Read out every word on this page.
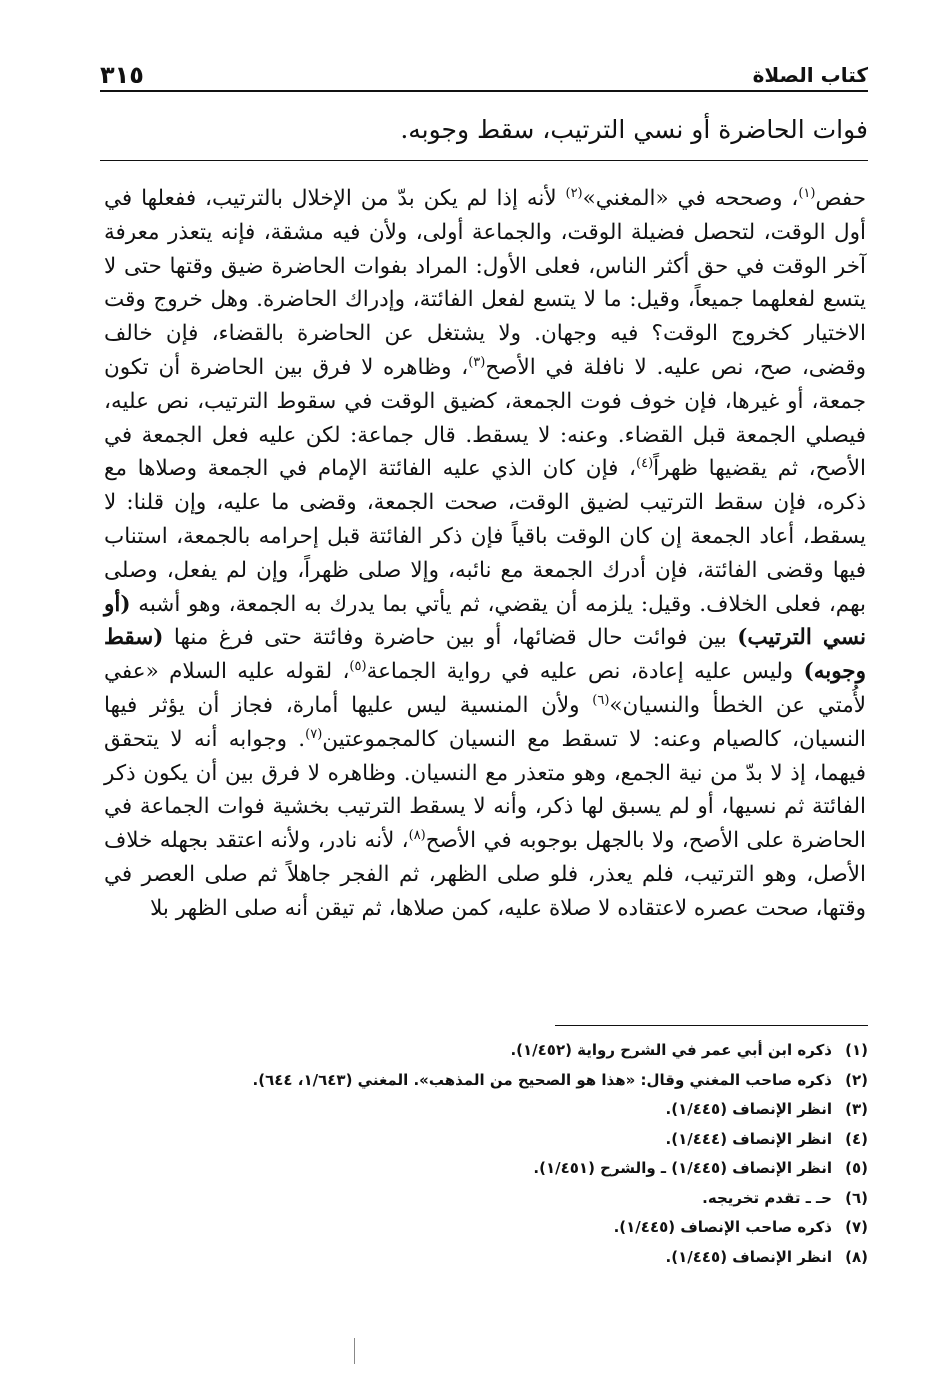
كتاب الصلاة
٣١٥
فوات الحاضرة أو نسي الترتيب، سقط وجوبه.

حفص$^{(١)}$، وصححه في «المغني»$^{(٢)}$ لأنه إذا لم يكن بدّ من الإخلال بالترتيب، ففعلها في أول الوقت، لتحصل فضيلة الوقت، والجماعة أولى، ولأن فيه مشقة، فإنه يتعذر معرفة آخر الوقت في حق أكثر الناس، فعلى الأول: المراد بفوات الحاضرة ضيق وقتها حتى لا يتسع لفعلهما جميعاً، وقيل: ما لا يتسع لفعل الفائتة، وإدراك الحاضرة. وهل خروج وقت الاختيار كخروج الوقت؟ فيه وجهان. ولا يشتغل عن الحاضرة بالقضاء، فإن خالف وقضى، صح، نص عليه. لا نافلة في الأصح$^{(٣)}$، وظاهره لا فرق بين الحاضرة أن تكون جمعة، أو غيرها، فإن خوف فوت الجمعة، كضيق الوقت في سقوط الترتيب، نص عليه، فيصلي الجمعة قبل القضاء. وعنه: لا يسقط. قال جماعة: لكن عليه فعل الجمعة في الأصح، ثم يقضيها ظهراً$^{(٤)}$، فإن كان الذي عليه الفائتة الإمام في الجمعة وصلاها مع ذكره، فإن سقط الترتيب لضيق الوقت، صحت الجمعة، وقضى ما عليه، وإن قلنا: لا يسقط، أعاد الجمعة إن كان الوقت باقياً فإن ذكر الفائتة قبل إحرامه بالجمعة، استناب فيها وقضى الفائتة، فإن أدرك الجمعة مع نائبه، وإلا صلى ظهراً، وإن لم يفعل، وصلى بهم، فعلى الخلاف. وقيل: يلزمه أن يقضي، ثم يأتي بما يدرك به الجمعة، وهو أشبه (أو نسي الترتيب) بين فوائت حال قضائها، أو بين حاضرة وفائتة حتى فرغ منها (سقط وجوبه) وليس عليه إعادة، نص عليه في رواية الجماعة$^{(٥)}$، لقوله عليه السلام «عفي لأُمتي عن الخطأ والنسيان»$^{(٦)}$ ولأن المنسية ليس عليها أمارة، فجاز أن يؤثر فيها النسيان، كالصيام وعنه: لا تسقط مع النسيان كالمجموعتين$^{(٧)}$. وجوابه أنه لا يتحقق فيهما، إذ لا بدّ من نية الجمع، وهو متعذر مع النسيان. وظاهره لا فرق بين أن يكون ذكر الفائتة ثم نسيها، أو لم يسبق لها ذكر، وأنه لا يسقط الترتيب بخشية فوات الجماعة في الحاضرة على الأصح، ولا بالجهل بوجوبه في الأصح$^{(٨)}$، لأنه نادر، ولأنه اعتقد بجهله خلاف الأصل، وهو الترتيب، فلم يعذر، فلو صلى الظهر، ثم الفجر جاهلاً ثم صلى العصر في وقتها، صحت عصره لاعتقاده لا صلاة عليه، كمن صلاها، ثم تيقن أنه صلى الظهر بلا

(١)ذكره ابن أبي عمر في الشرح رواية (١/٤٥٢).
(٢)ذكره صاحب المغني وقال: «هذا هو الصحيح من المذهب». المغني (١/٦٤٣، ٦٤٤).
(٣)انظر الإنصاف (١/٤٤٥).
(٤)انظر الإنصاف (١/٤٤٤).
(٥)انظر الإنصاف (١/٤٤٥) ـ والشرح (١/٤٥١).
(٦)حـ ـ تقدم تخريجه.
(٧)ذكره صاحب الإنصاف (١/٤٤٥).
(٨)انظر الإنصاف (١/٤٤٥).
